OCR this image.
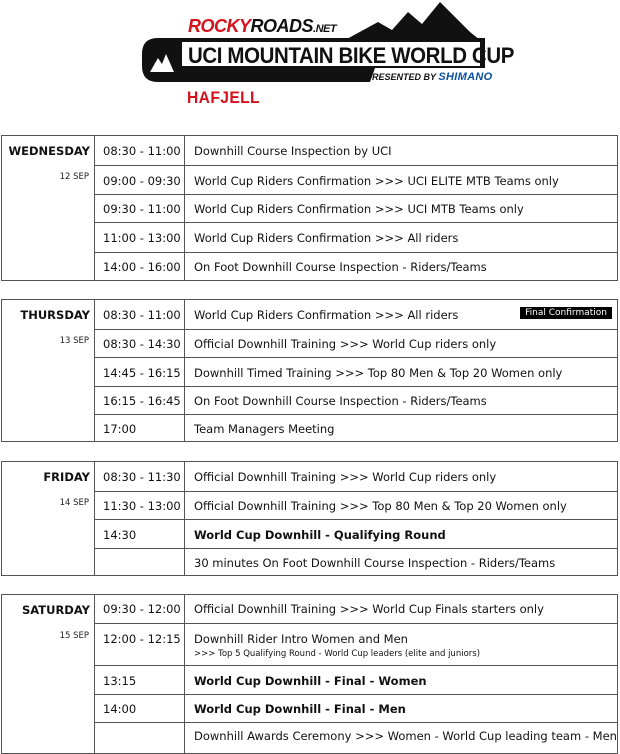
ROCKYROADS.NET
UCI MOUNTAIN BIKE WORLD CUP
PRESENTED BY SHIMANO
HAFJELL
WEDNESDAY
12 SEP
08:30 - 11:00	Downhill Course Inspection by UCI
09:00 - 09:30	World Cup Riders Confirmation >>> UCI ELITE MTB Teams only
09:30 - 11:00	World Cup Riders Confirmation >>> UCI MTB Teams only
11:00 - 13:00	World Cup Riders Confirmation >>> All riders
14:00 - 16:00	On Foot Downhill Course Inspection - Riders/Teams
THURSDAY
13 SEP
08:30 - 11:00	World Cup Riders Confirmation >>> All riders	Final Confirmation
08:30 - 14:30	Official Downhill Training >>> World Cup riders only
14:45 - 16:15	Downhill Timed Training >>> Top 80 Men & Top 20 Women only
16:15 - 16:45	On Foot Downhill Course Inspection - Riders/Teams
17:00	Team Managers Meeting
FRIDAY
14 SEP
08:30 - 11:30	Official Downhill Training >>> World Cup riders only
11:30 - 13:00	Official Downhill Training >>> Top 80 Men & Top 20 Women only
14:30	World Cup Downhill - Qualifying Round
30 minutes On Foot Downhill Course Inspection - Riders/Teams
SATURDAY
15 SEP
09:30 - 12:00	Official Downhill Training >>> World Cup Finals starters only
12:00 - 12:15	Downhill Rider Intro Women and Men
>>> Top 5 Qualifying Round - World Cup leaders (elite and juniors)
13:15	World Cup Downhill - Final - Women
14:00	World Cup Downhill - Final - Men
Downhill Awards Ceremony >>> Women - World Cup leading team - Men
